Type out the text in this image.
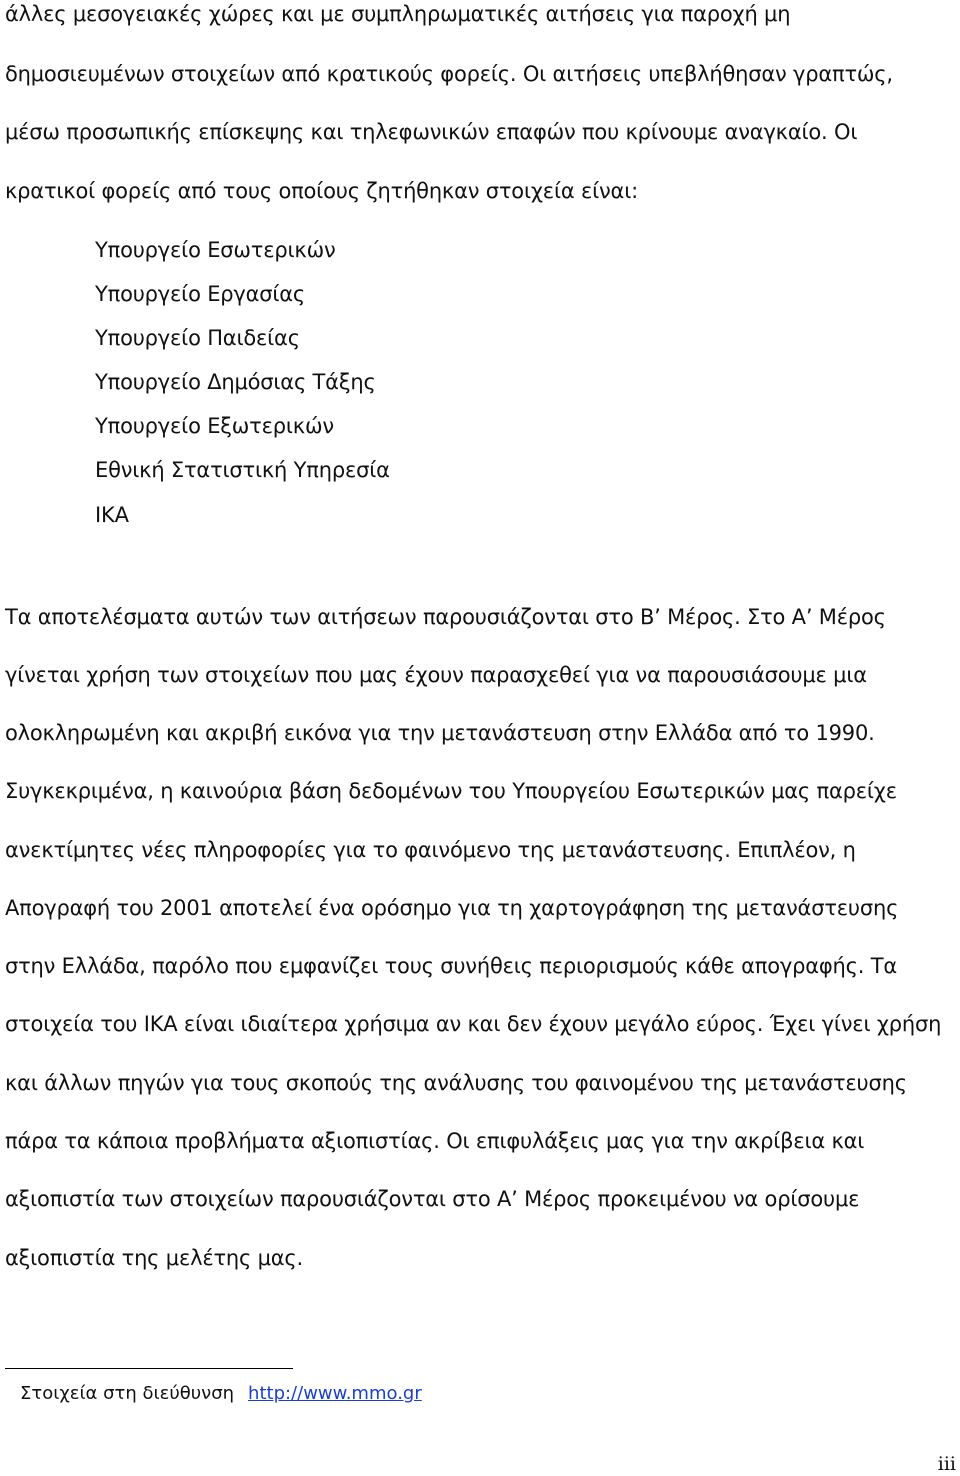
άλλες μεσογειακές χώρες και με συμπληρωματικές αιτήσεις για παροχή μη

δημοσιευμένων στοιχείων από κρατικούς φορείς. Οι αιτήσεις υπεβλήθησαν γραπτώς,

μέσω προσωπικής επίσκεψης και τηλεφωνικών επαφών που κρίνουμε αναγκαίο. Οι

κρατικοί φορείς από τους οποίους ζητήθηκαν στοιχεία είναι:

Υπουργείο Εσωτερικών

Υπουργείο Εργασίας

Υπουργείο Παιδείας

Υπουργείο Δημόσιας Τάξης

Υπουργείο Εξωτερικών

Εθνική Στατιστική Υπηρεσία

ΙΚΑ

Τα αποτελέσματα αυτών των αιτήσεων παρουσιάζονται στο Β’ Μέρος. Στο Α’ Μέρος

γίνεται χρήση των στοιχείων που μας έχουν παρασχεθεί για να παρουσιάσουμε μια

ολοκληρωμένη και ακριβή εικόνα για την μετανάστευση στην Ελλάδα από το 1990.

Συγκεκριμένα, η καινούρια βάση δεδομένων του Υπουργείου Εσωτερικών μας παρείχε

ανεκτίμητες νέες πληροφορίες για το φαινόμενο της μετανάστευσης. Επιπλέον, η

Απογραφή του 2001 αποτελεί ένα ορόσημο για τη χαρτογράφηση της μετανάστευσης

στην Ελλάδα, παρόλο που εμφανίζει τους συνήθεις περιορισμούς κάθε απογραφής. Τα

στοιχεία του ΙΚΑ είναι ιδιαίτερα χρήσιμα αν και δεν έχουν μεγάλο εύρος. Έχει γίνει χρήση

και άλλων πηγών για τους σκοπούς της ανάλυσης του φαινομένου της μετανάστευσης

πάρα τα κάποια προβλήματα αξιοπιστίας. Οι επιφυλάξεις μας για την ακρίβεια και

αξιοπιστία των στοιχείων παρουσιάζονται στο Α’ Μέρος προκειμένου να ορίσουμε

αξιοπιστία της μελέτης μας.

Στοιχεία στη διεύθυνση http://www.mmo.gr
iii
